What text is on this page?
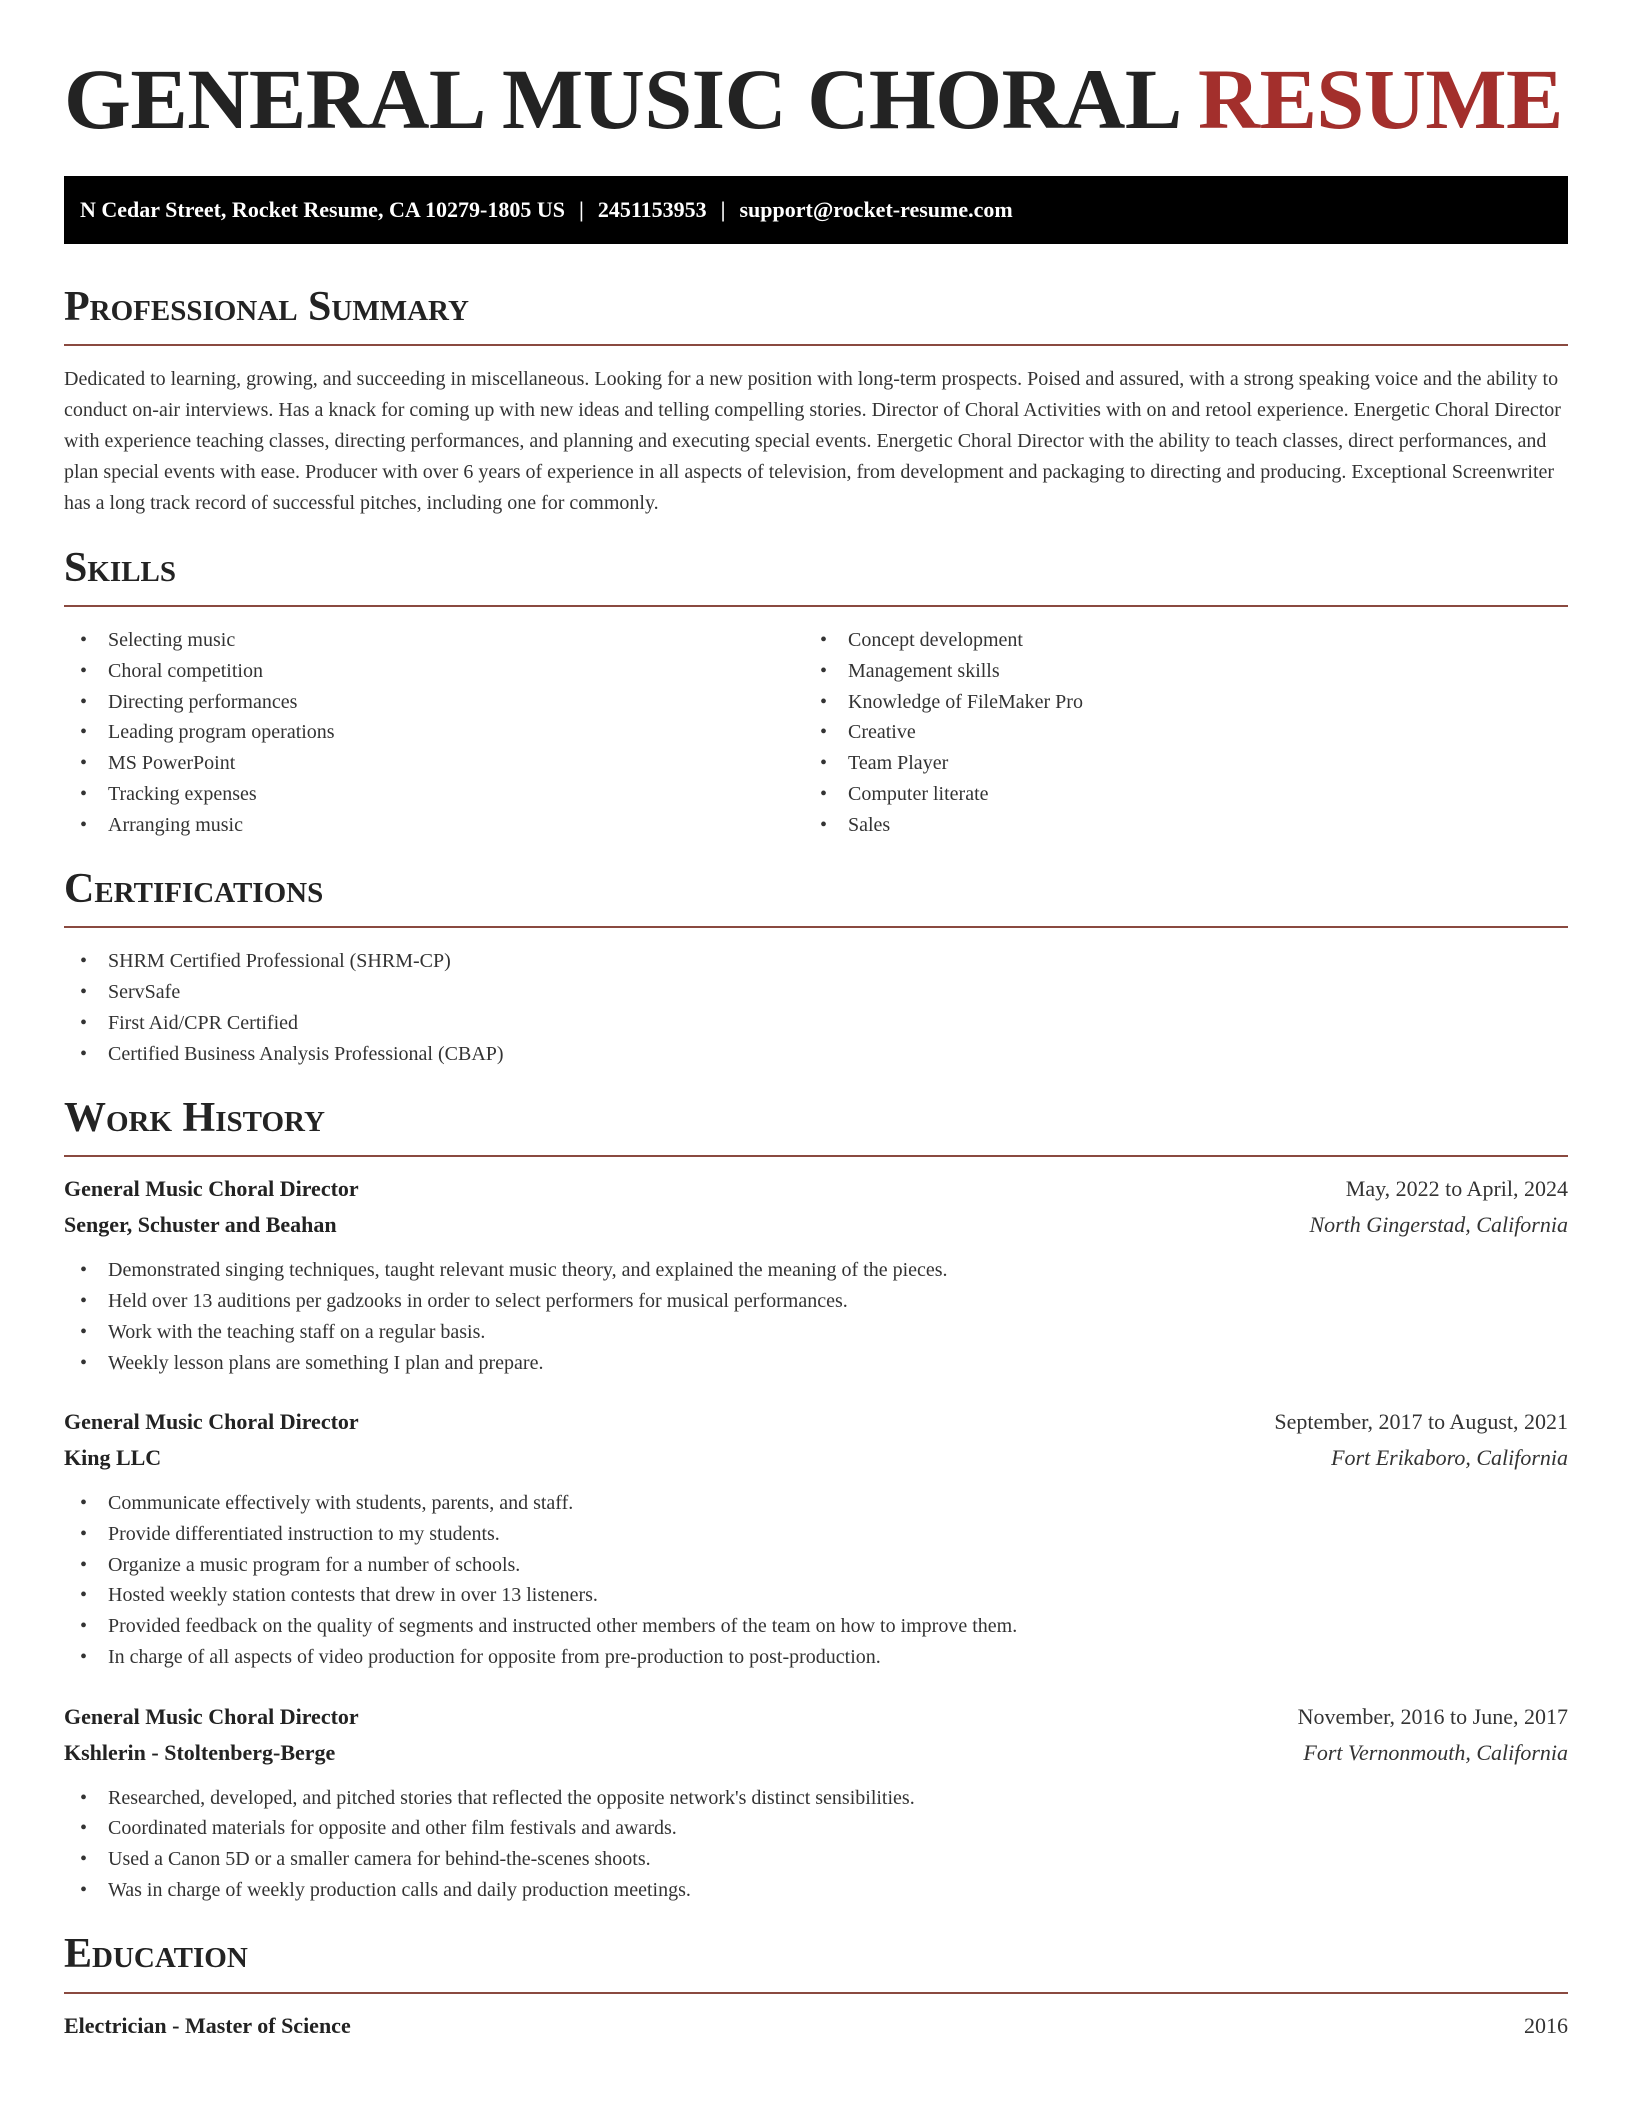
GENERAL MUSIC CHORAL RESUME
N Cedar Street, Rocket Resume, CA 10279-1805 US | 2451153953 | support@rocket-resume.com
Professional Summary

Dedicated to learning, growing, and succeeding in miscellaneous. Looking for a new position with long-term prospects. Poised and assured, with a strong speaking voice and the ability to conduct on-air interviews. Has a knack for coming up with new ideas and telling compelling stories. Director of Choral Activities with on and retool experience. Energetic Choral Director with experience teaching classes, directing performances, and planning and executing special events. Energetic Choral Director with the ability to teach classes, direct performances, and plan special events with ease. Producer with over 6 years of experience in all aspects of television, from development and packaging to directing and producing. Exceptional Screenwriter has a long track record of successful pitches, including one for commonly.

Skills
• Selecting music
• Choral competition
• Directing performances
• Leading program operations
• MS PowerPoint
• Tracking expenses
• Arranging music
• Concept development
• Management skills
• Knowledge of FileMaker Pro
• Creative
• Team Player
• Computer literate
• Sales
Certifications
• SHRM Certified Professional (SHRM-CP)
• ServSafe
• First Aid/CPR Certified
• Certified Business Analysis Professional (CBAP)
Work History
General Music Choral Director	May, 2022 to April, 2024
Senger, Schuster and Beahan	North Gingerstad, California
• Demonstrated singing techniques, taught relevant music theory, and explained the meaning of the pieces.
• Held over 13 auditions per gadzooks in order to select performers for musical performances.
• Work with the teaching staff on a regular basis.
• Weekly lesson plans are something I plan and prepare.
General Music Choral Director	September, 2017 to August, 2021
King LLC	Fort Erikaboro, California
• Communicate effectively with students, parents, and staff.
• Provide differentiated instruction to my students.
• Organize a music program for a number of schools.
• Hosted weekly station contests that drew in over 13 listeners.
• Provided feedback on the quality of segments and instructed other members of the team on how to improve them.
• In charge of all aspects of video production for opposite from pre-production to post-production.
General Music Choral Director	November, 2016 to June, 2017
Kshlerin - Stoltenberg-Berge	Fort Vernonmouth, California
• Researched, developed, and pitched stories that reflected the opposite network's distinct sensibilities.
• Coordinated materials for opposite and other film festivals and awards.
• Used a Canon 5D or a smaller camera for behind-the-scenes shoots.
• Was in charge of weekly production calls and daily production meetings.
Education
Electrician - Master of Science	2016
